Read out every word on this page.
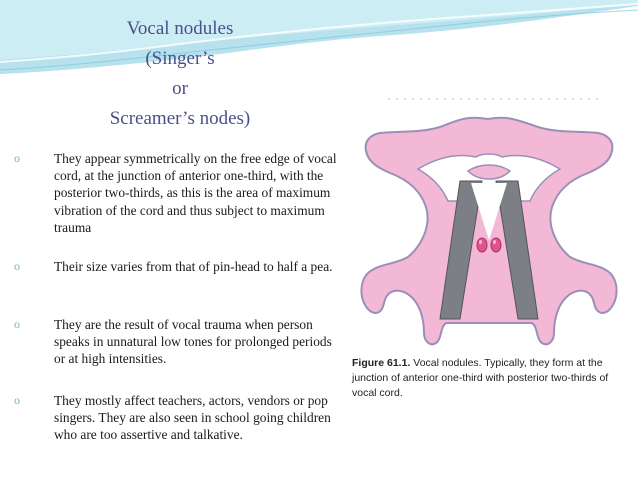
Vocal nodules
(Singer’s
or
Screamer’s nodes)
o	They appear symmetrically on the free edge of vocal cord, at the junction of anterior one-third, with the posterior two-thirds, as this is the area of maximum vibration of the cord and thus subject to maximum trauma
o	Their size varies from that of pin-head to half a pea.
o	They are the result of vocal trauma when person speaks in unnatural low tones for prolonged periods or at high intensities.
o	They mostly affect teachers, actors, vendors or pop singers. They are also seen in school going children who are too assertive and talkative.
Figure 61.1. Vocal nodules. Typically, they form at the junction of anterior one-third with posterior two-thirds of vocal cord.
